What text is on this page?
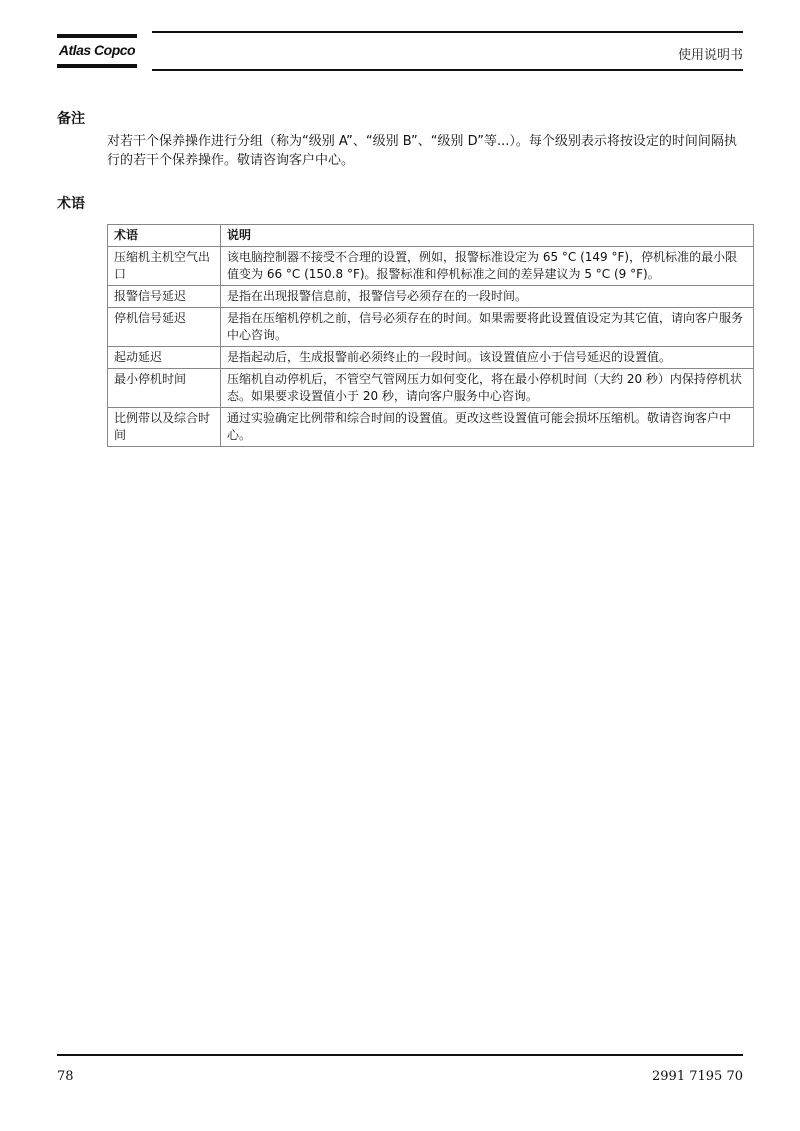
Atlas Copco	使用说明书
备注
对若干个保养操作进行分组（称为“级别 A”、“级别 B”、“级别 D”等...）。每个级别表示将按设定的时间间隔执行的若干个保养操作。敬请咨询客户中心。
术语
术语	说明
压缩机主机空气出口	该电脑控制器不接受不合理的设置，例如，报警标准设定为 65 °C (149 °F)，停机标准的最小限值变为 66 °C (150.8 °F)。报警标准和停机标准之间的差异建议为 5 °C (9 °F)。
报警信号延迟	是指在出现报警信息前，报警信号必须存在的一段时间。
停机信号延迟	是指在压缩机停机之前，信号必须存在的时间。如果需要将此设置值设定为其它值，请向客户服务中心咨询。
起动延迟	是指起动后，生成报警前必须终止的一段时间。该设置值应小于信号延迟的设置值。
最小停机时间	压缩机自动停机后，不管空气管网压力如何变化，将在最小停机时间（大约 20 秒）内保持停机状态。如果要求设置值小于 20 秒，请向客户服务中心咨询。
比例带以及综合时间	通过实验确定比例带和综合时间的设置值。更改这些设置值可能会损坏压缩机。敬请咨询客户中心。
78	2991 7195 70
